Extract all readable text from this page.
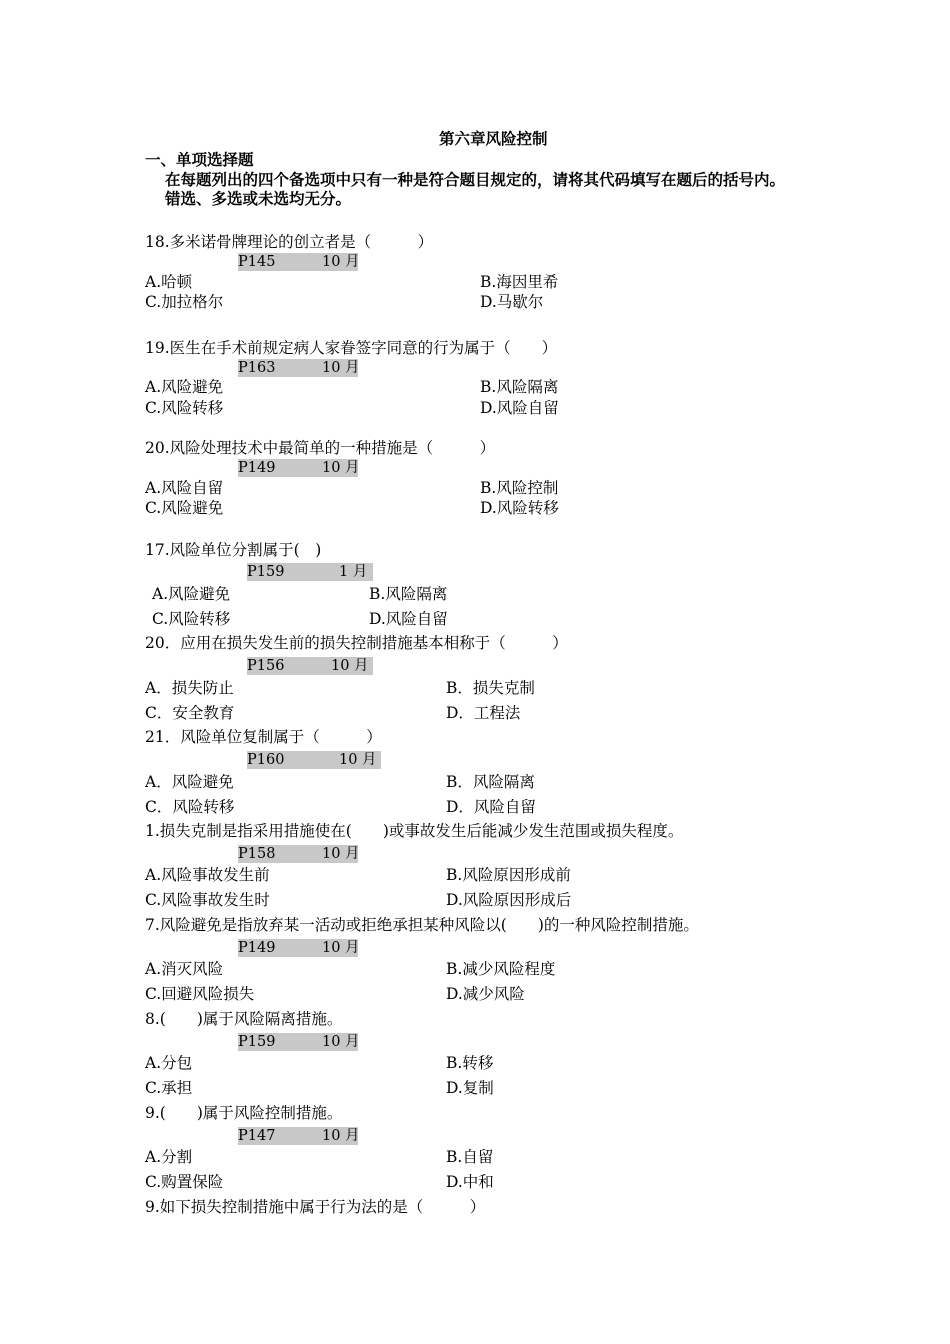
第六章风险控制
一、单项选择题
在每题列出的四个备选项中只有一种是符合题目规定的，请将其代码填写在题后的括号内。
错选、多选或未选均无分。
18.多米诺骨牌理论的创立者是（　　　）
P145	10 月
A.哈顿	B.海因里希
C.加拉格尔	D.马歇尔
19.医生在手术前规定病人家眷签字同意的行为属于（　　）
P163	10 月
A.风险避免	B.风险隔离
C.风险转移	D.风险自留
20.风险处理技术中最简单的一种措施是（　　　）
P149	10 月
A.风险自留	B.风险控制
C.风险避免	D.风险转移
17.风险单位分割属于(　)
P159	1 月
A.风险避免	B.风险隔离
C.风险转移	D.风险自留
20．应用在损失发生前的损失控制措施基本相称于（　　　）
P156	10 月
A．损失防止	B．损失克制
C．安全教育	D．工程法
21．风险单位复制属于（　　　）
P160	10 月
A．风险避免	B．风险隔离
C．风险转移	D．风险自留
1.损失克制是指采用措施使在(　　)或事故发生后能减少发生范围或损失程度。
P158	10 月
A.风险事故发生前	B.风险原因形成前
C.风险事故发生时	D.风险原因形成后
7.风险避免是指放弃某一活动或拒绝承担某种风险以(　　)的一种风险控制措施。
P149	10 月
A.消灭风险	B.减少风险程度
C.回避风险损失	D.减少风险
8.(　　)属于风险隔离措施。
P159	10 月
A.分包	B.转移
C.承担	D.复制
9.(　　)属于风险控制措施。
P147	10 月
A.分割	B.自留
C.购置保险	D.中和
9.如下损失控制措施中属于行为法的是（　　　）
